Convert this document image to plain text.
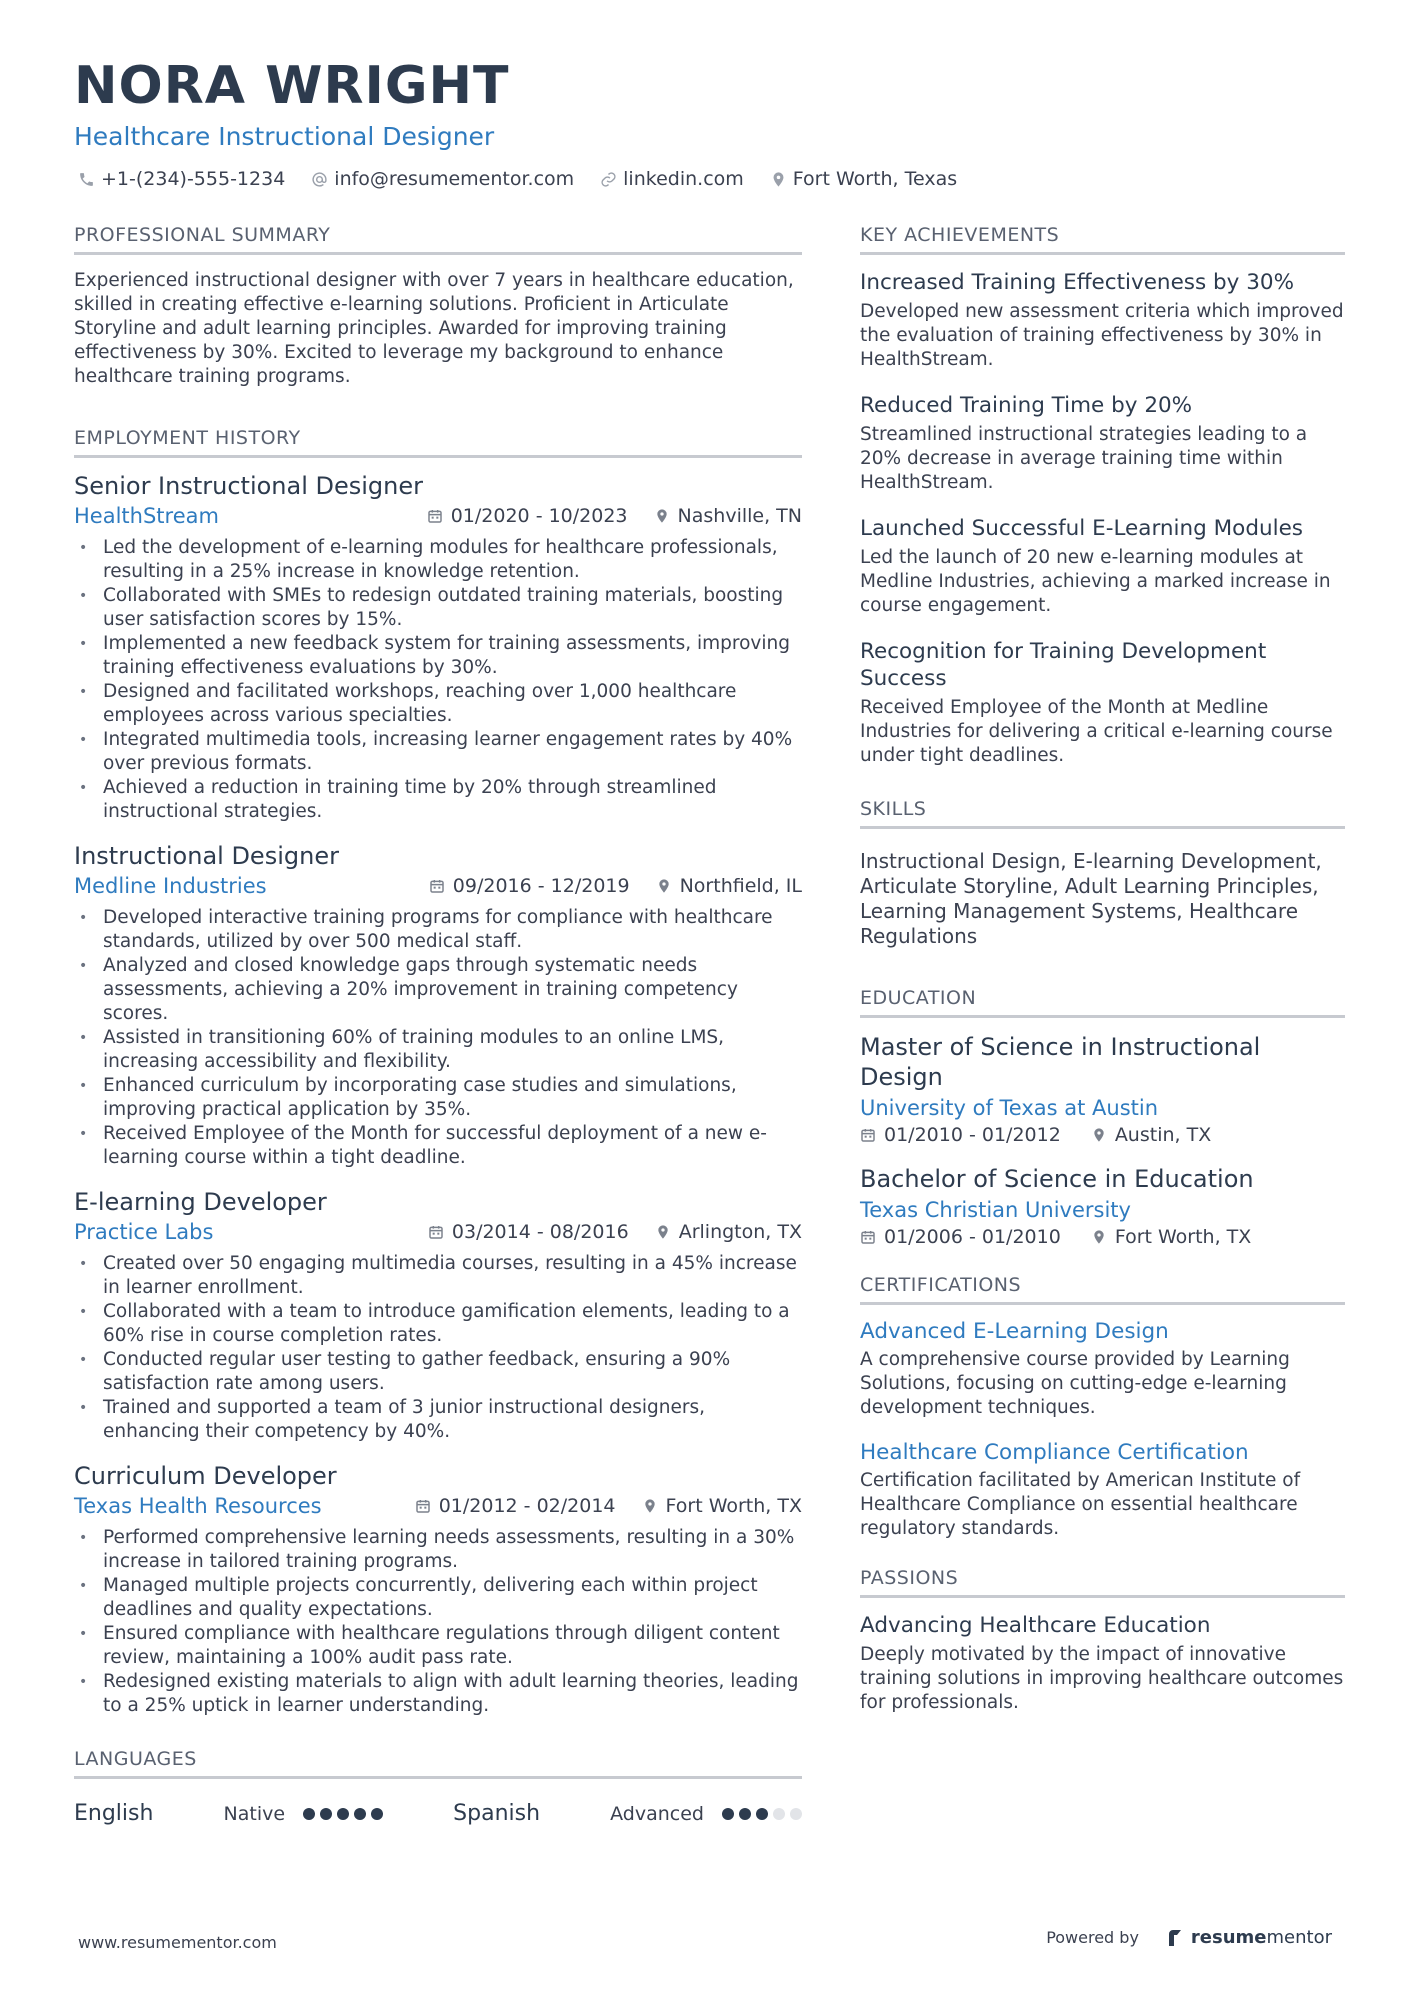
NORA WRIGHT
Healthcare Instructional Designer
+1-(234)-555-1234	info@resumementor.com	linkedin.com	Fort Worth, Texas
PROFESSIONAL SUMMARY

Experienced instructional designer with over 7 years in healthcare education, skilled in creating effective e-learning solutions. Proficient in Articulate Storyline and adult learning principles. Awarded for improving training effectiveness by 30%. Excited to leverage my background to enhance healthcare training programs.

EMPLOYMENT HISTORY
Senior Instructional Designer
HealthStream	01/2020 - 10/2023	Nashville, TN
• Led the development of e-learning modules for healthcare professionals, resulting in a 25% increase in knowledge retention.
• Collaborated with SMEs to redesign outdated training materials, boosting user satisfaction scores by 15%.
• Implemented a new feedback system for training assessments, improving training effectiveness evaluations by 30%.
• Designed and facilitated workshops, reaching over 1,000 healthcare employees across various specialties.
• Integrated multimedia tools, increasing learner engagement rates by 40% over previous formats.
• Achieved a reduction in training time by 20% through streamlined instructional strategies.
Instructional Designer
Medline Industries	09/2016 - 12/2019	Northfield, IL
• Developed interactive training programs for compliance with healthcare standards, utilized by over 500 medical staff.
• Analyzed and closed knowledge gaps through systematic needs assessments, achieving a 20% improvement in training competency scores.
• Assisted in transitioning 60% of training modules to an online LMS, increasing accessibility and flexibility.
• Enhanced curriculum by incorporating case studies and simulations, improving practical application by 35%.
• Received Employee of the Month for successful deployment of a new e-learning course within a tight deadline.
E-learning Developer
Practice Labs	03/2014 - 08/2016	Arlington, TX
• Created over 50 engaging multimedia courses, resulting in a 45% increase in learner enrollment.
• Collaborated with a team to introduce gamification elements, leading to a 60% rise in course completion rates.
• Conducted regular user testing to gather feedback, ensuring a 90% satisfaction rate among users.
• Trained and supported a team of 3 junior instructional designers, enhancing their competency by 40%.
Curriculum Developer
Texas Health Resources	01/2012 - 02/2014	Fort Worth, TX
• Performed comprehensive learning needs assessments, resulting in a 30% increase in tailored training programs.
• Managed multiple projects concurrently, delivering each within project deadlines and quality expectations.
• Ensured compliance with healthcare regulations through diligent content review, maintaining a 100% audit pass rate.
• Redesigned existing materials to align with adult learning theories, leading to a 25% uptick in learner understanding.
LANGUAGES
English	Native	Spanish	Advanced
KEY ACHIEVEMENTS
Increased Training Effectiveness by 30%

Developed new assessment criteria which improved the evaluation of training effectiveness by 30% in HealthStream.

Reduced Training Time by 20%

Streamlined instructional strategies leading to a 20% decrease in average training time within HealthStream.

Launched Successful E-Learning Modules

Led the launch of 20 new e-learning modules at Medline Industries, achieving a marked increase in course engagement.

Recognition for Training Development Success

Received Employee of the Month at Medline Industries for delivering a critical e-learning course under tight deadlines.

SKILLS

Instructional Design, E-learning Development, Articulate Storyline, Adult Learning Principles, Learning Management Systems, Healthcare Regulations

EDUCATION
Master of Science in Instructional Design
University of Texas at Austin
01/2010 - 01/2012	Austin, TX
Bachelor of Science in Education
Texas Christian University
01/2006 - 01/2010	Fort Worth, TX
CERTIFICATIONS
Advanced E-Learning Design

A comprehensive course provided by Learning Solutions, focusing on cutting-edge e-learning development techniques.

Healthcare Compliance Certification

Certification facilitated by American Institute of Healthcare Compliance on essential healthcare regulatory standards.

PASSIONS
Advancing Healthcare Education

Deeply motivated by the impact of innovative training solutions in improving healthcare outcomes for professionals.

www.resumementor.com	Powered by	resumementor
